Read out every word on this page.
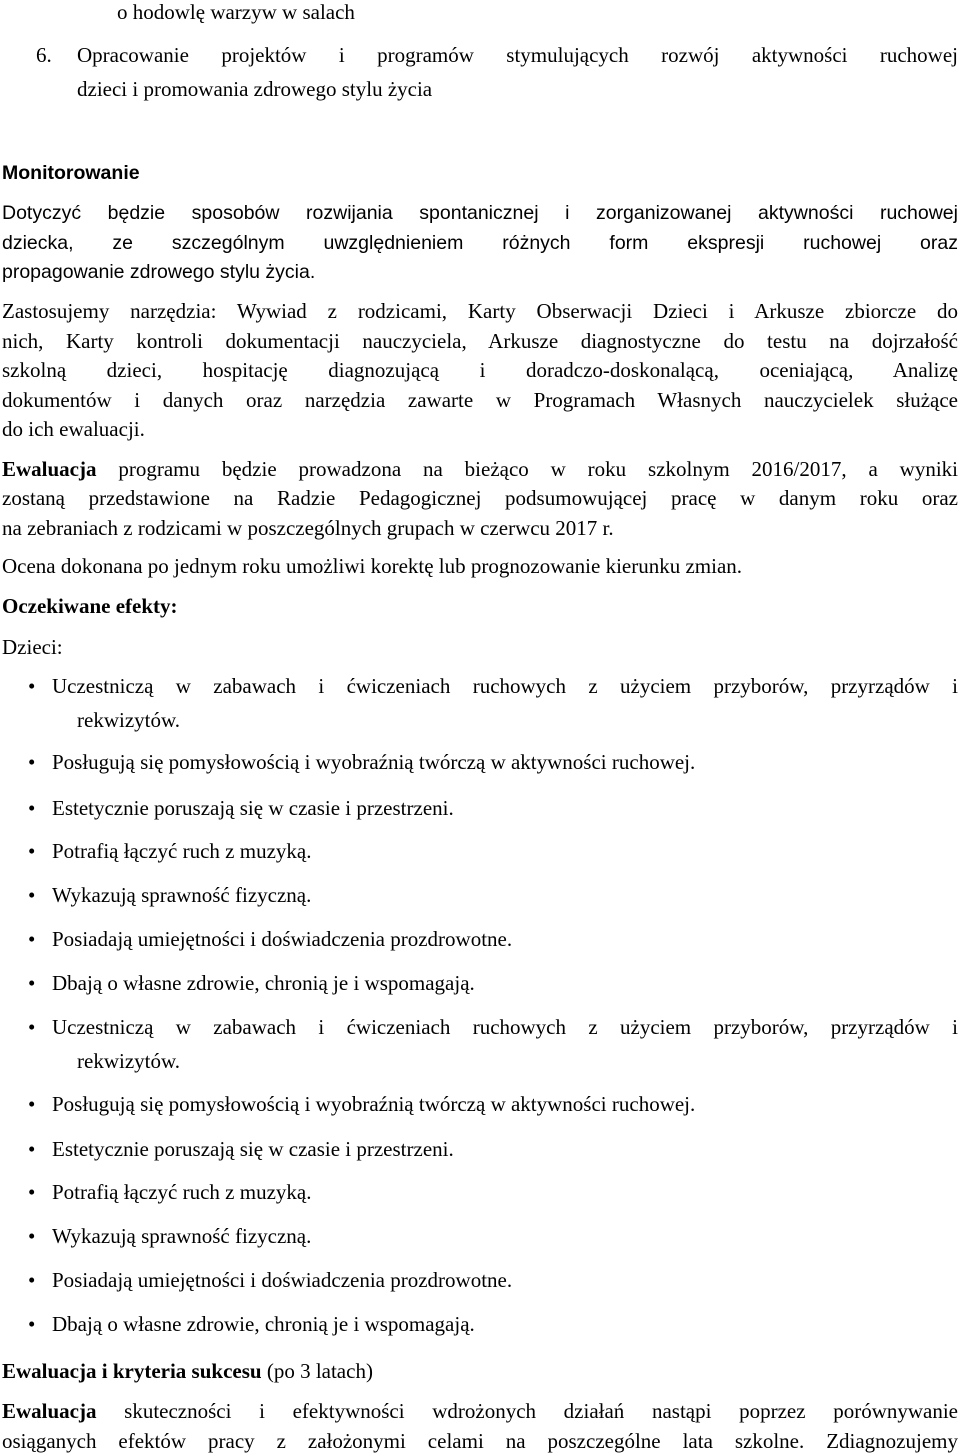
o hodowlę warzyw w salach
6. Opracowanie projektów i programów stymulujących rozwój aktywności ruchowej
dzieci i promowania zdrowego stylu życia
Monitorowanie
Dotyczyć będzie sposobów rozwijania spontanicznej i zorganizowanej aktywności ruchowej
dziecka, ze szczególnym uwzględnieniem różnych form ekspresji ruchowej oraz
propagowanie zdrowego stylu życia.
Zastosujemy narzędzia: Wywiad z rodzicami, Karty Obserwacji Dzieci i Arkusze zbiorcze do
nich, Karty kontroli dokumentacji nauczyciela, Arkusze diagnostyczne do testu na dojrzałość
szkolną dzieci, hospitację diagnozującą i doradczo-doskonalącą, oceniającą, Analizę
dokumentów i danych oraz narzędzia zawarte w Programach Własnych nauczycielek służące
do ich ewaluacji.
Ewaluacja programu będzie prowadzona na bieżąco w roku szkolnym 2016/2017, a wyniki
zostaną przedstawione na Radzie Pedagogicznej podsumowującej pracę w danym roku oraz
na zebraniach z rodzicami w poszczególnych grupach w czerwcu 2017 r.
Ocena dokonana po jednym roku umożliwi korektę lub prognozowanie kierunku zmian.
Oczekiwane efekty:
Dzieci:
• Uczestniczą w zabawach i ćwiczeniach ruchowych z użyciem przyborów, przyrządów i
rekwizytów.
• Posługują się pomysłowością i wyobraźnią twórczą w aktywności ruchowej.
• Estetycznie poruszają się w czasie i przestrzeni.
• Potrafią łączyć ruch z muzyką.
• Wykazują sprawność fizyczną.
• Posiadają umiejętności i doświadczenia prozdrowotne.
• Dbają o własne zdrowie, chronią je i wspomagają.
• Uczestniczą w zabawach i ćwiczeniach ruchowych z użyciem przyborów, przyrządów i
rekwizytów.
• Posługują się pomysłowością i wyobraźnią twórczą w aktywności ruchowej.
• Estetycznie poruszają się w czasie i przestrzeni.
• Potrafią łączyć ruch z muzyką.
• Wykazują sprawność fizyczną.
• Posiadają umiejętności i doświadczenia prozdrowotne.
• Dbają o własne zdrowie, chronią je i wspomagają.
Ewaluacja i kryteria sukcesu (po 3 latach)
Ewaluacja skuteczności i efektywności wdrożonych działań nastąpi poprzez porównywanie
osiąganych efektów pracy z założonymi celami na poszczególne lata szkolne. Zdiagnozujemy
